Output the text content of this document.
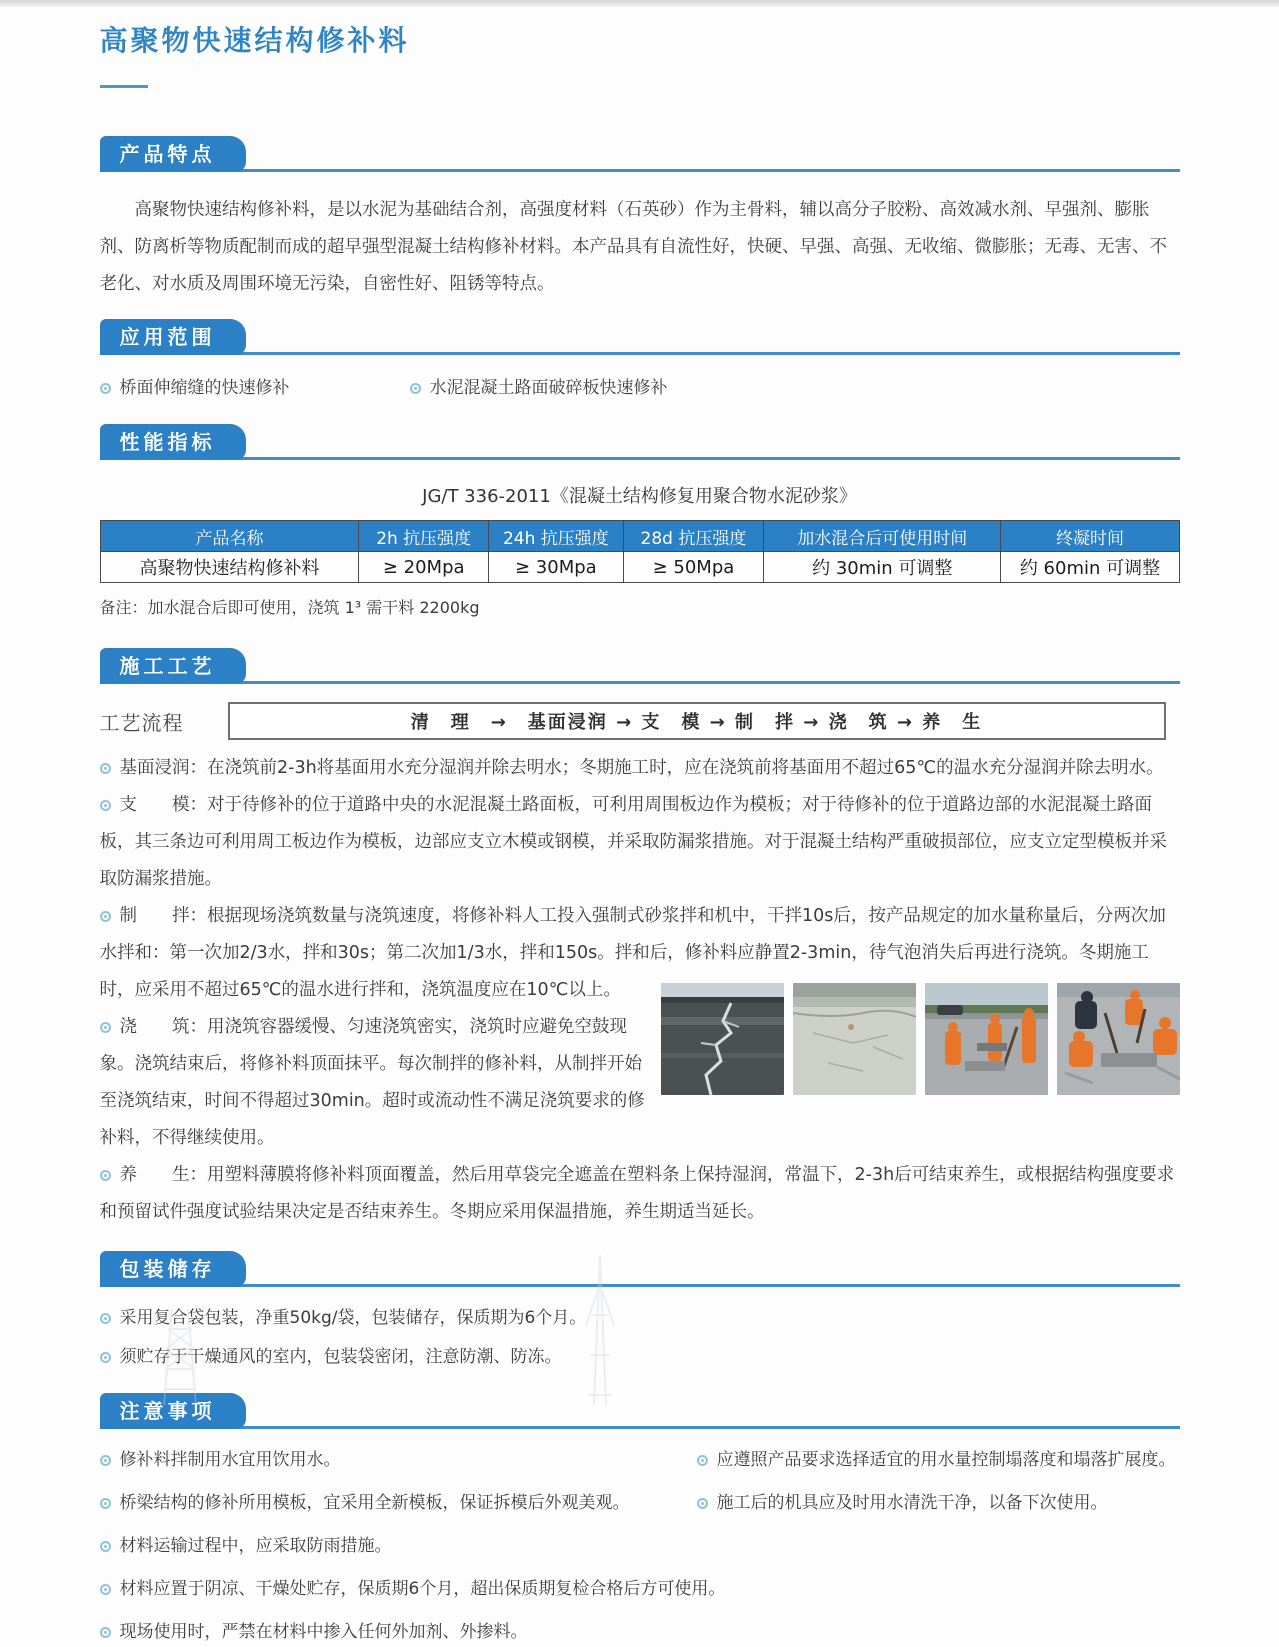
高聚物快速结构修补料
产品特点

高聚物快速结构修补料，是以水泥为基础结合剂，高强度材料（石英砂）作为主骨料，辅以高分子胶粉、高效减水剂、早强剂、膨胀剂、防离析等物质配制而成的超早强型混凝土结构修补材料。本产品具有自流性好，快硬、早强、高强、无收缩、微膨胀；无毒、无害、不老化、对水质及周围环境无污染，自密性好、阻锈等特点。

应用范围
桥面伸缩缝的快速修补	水泥混凝土路面破碎板快速修补
性能指标
JG/T 336-2011《混凝土结构修复用聚合物水泥砂浆》
产品名称	2h 抗压强度	24h 抗压强度	28d 抗压强度	加水混合后可使用时间	终凝时间
高聚物快速结构修补料	≥ 20Mpa	≥ 30Mpa	≥ 50Mpa	约 30min 可调整	约 60min 可调整
备注：加水混合后即可使用，浇筑 1³ 需干料 2200kg
施工工艺
工艺流程	清　理　→　基面浸润 → 支　模 → 制　拌 → 浇　筑 → 养　生

基面浸润：在浇筑前2-3h将基面用水充分湿润并除去明水；冬期施工时，应在浇筑前将基面用不超过65℃的温水充分湿润并除去明水。

支　　模：对于待修补的位于道路中央的水泥混凝土路面板，可利用周围板边作为模板；对于待修补的位于道路边部的水泥混凝土路面板，其三条边可利用周工板边作为模板，边部应支立木模或钢模，并采取防漏浆措施。对于混凝土结构严重破损部位，应支立定型模板并采取防漏浆措施。

制　　拌：根据现场浇筑数量与浇筑速度，将修补料人工投入强制式砂浆拌和机中，干拌10s后，按产品规定的加水量称量后，分两次加水拌和：第一次加2/3水，拌和30s；第二次加1/3水，拌和150s。拌和后，修补料应静置2-3min，待气泡消失后再进行浇筑。冬期施工时，应采用不超过65℃的温水进行拌和，浇筑温度应在10℃以上。

浇　　筑：用浇筑容器缓慢、匀速浇筑密实，浇筑时应避免空鼓现象。浇筑结束后，将修补料顶面抹平。每次制拌的修补料，从制拌开始至浇筑结束，时间不得超过30min。超时或流动性不满足浇筑要求的修补料，不得继续使用。

养　　生：用塑料薄膜将修补料顶面覆盖，然后用草袋完全遮盖在塑料条上保持湿润，常温下，2-3h后可结束养生，或根据结构强度要求和预留试件强度试验结果决定是否结束养生。冬期应采用保温措施，养生期适当延长。

包装储存
采用复合袋包装，净重50kg/袋，包装储存，保质期为6个月。
须贮存于干燥通风的室内，包装袋密闭，注意防潮、防冻。
注意事项
修补料拌制用水宜用饮用水。	应遵照产品要求选择适宜的用水量控制塌落度和塌落扩展度。
桥梁结构的修补所用模板，宜采用全新模板，保证拆模后外观美观。	施工后的机具应及时用水清洗干净，以备下次使用。
材料运输过程中，应采取防雨措施。
材料应置于阴凉、干燥处贮存，保质期6个月，超出保质期复检合格后方可使用。
现场使用时，严禁在材料中掺入任何外加剂、外掺料。
